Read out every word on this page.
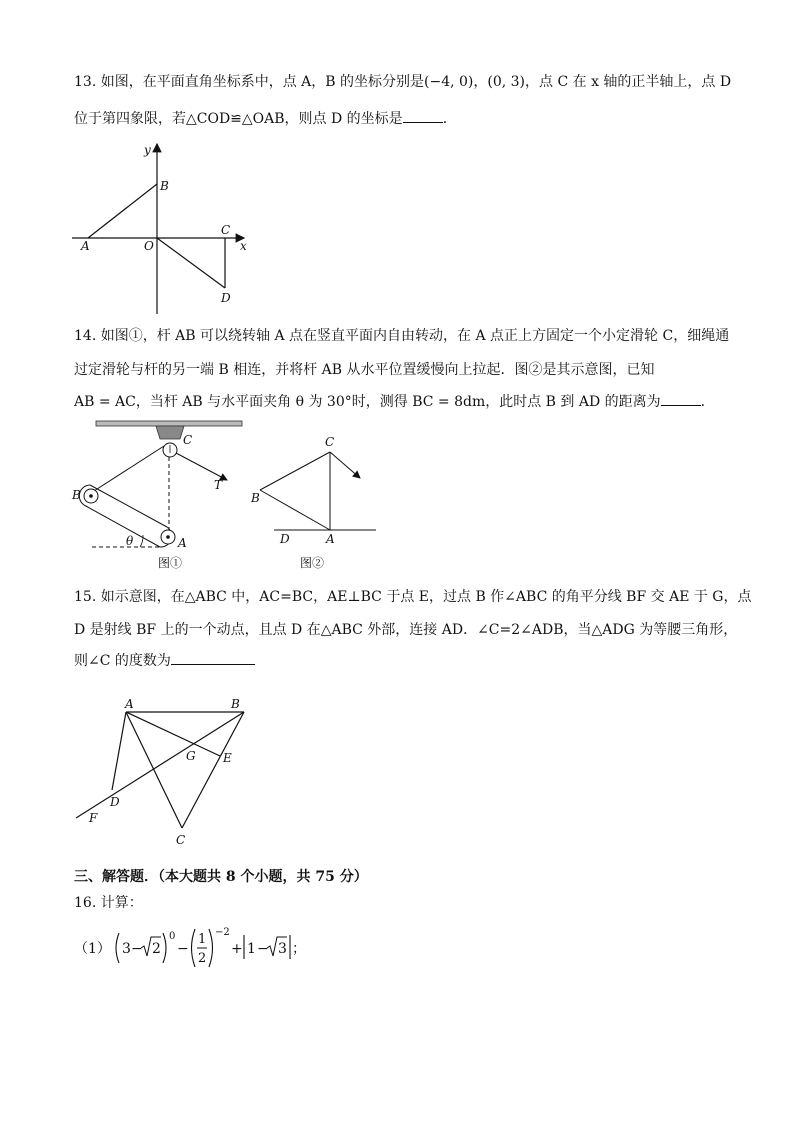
13. 如图，在平面直角坐标系中，点 A，B 的坐标分别是(−4, 0)，(0, 3)，点 C 在 x 轴的正半轴上，点 D
位于第四象限，若△COD≌△OAB，则点 D 的坐标是	．
y
x
B
A	O
C
D
14. 如图①，杆 AB 可以绕转轴 A 点在竖直平面内自由转动，在 A 点正上方固定一个小定滑轮 C，细绳通
过定滑轮与杆的另一端 B 相连，并将杆 AB 从水平位置缓慢向上拉起．图②是其示意图，已知
AB = AC，当杆 AB 与水平面夹角 θ 为 30°时，测得 BC = 8dm，此时点 B 到 AD 的距离为	．
C
B
T
θ	A
图①
C
B
D	A
图②
15. 如示意图，在△ABC 中，AC=BC，AE⊥BC 于点 E，过点 B 作∠ABC 的角平分线 BF 交 AE 于 G，点
D 是射线 BF 上的一个动点，且点 D 在△ABC 外部，连接 AD．∠C=2∠ADB，当△ADG 为等腰三角形，
则∠C 的度数为
A	B
G E
D
F
C
三、解答题．（本大题共 8 个小题，共 75 分）
16. 计算：
（1） 3 − 2
0
−
1
2
−2
+ 1 − 3 ；
